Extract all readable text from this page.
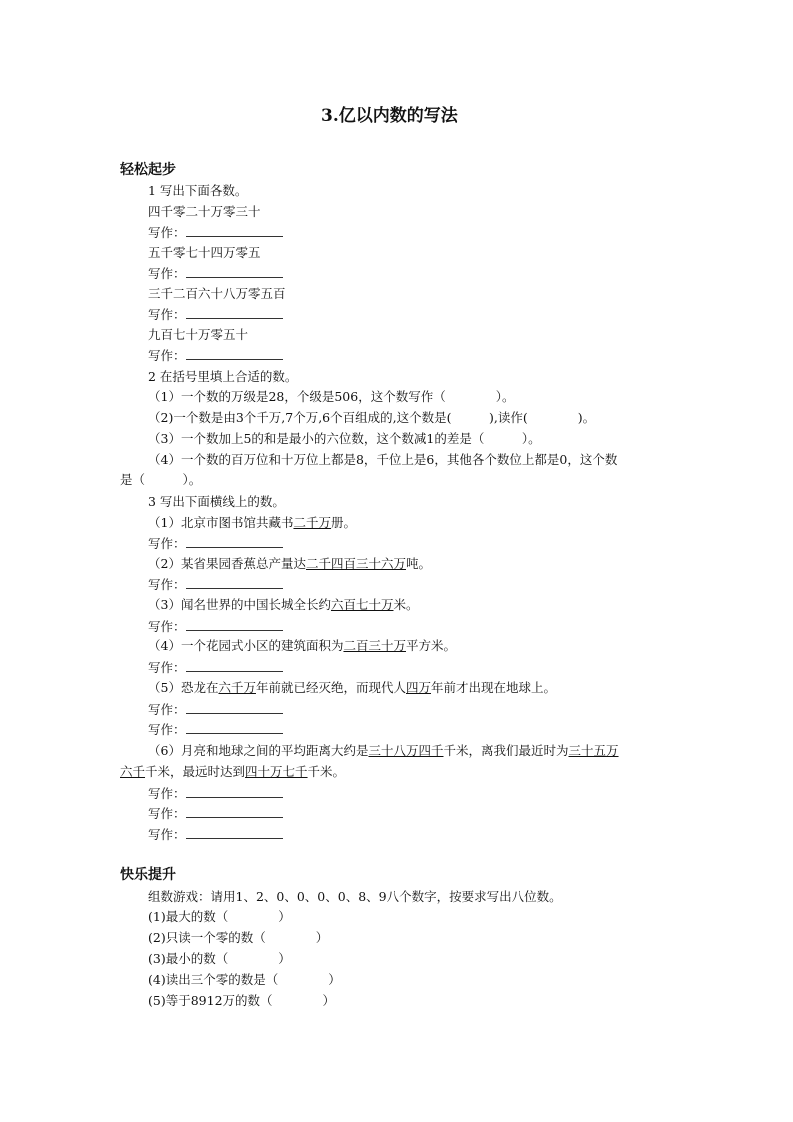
3.亿以内数的写法
轻松起步
1 写出下面各数。
四千零二十万零三十
写作：
五千零七十四万零五
写作：
三千二百六十八万零五百
写作：
九百七十万零五十
写作：
2 在括号里填上合适的数。
（1）一个数的万级是28，个级是506，这个数写作（　　　　）。
（2)一个数是由3个千万,7个万,6个百组成的,这个数是(　　　),读作(　　　　)。
（3）一个数加上5的和是最小的六位数，这个数减1的差是（　　　）。
（4）一个数的百万位和十万位上都是8，千位上是6，其他各个数位上都是0，这个数
是（　　　）。
3 写出下面横线上的数。
（1）北京市图书馆共藏书二千万册。
写作：
（2）某省果园香蕉总产量达二千四百三十六万吨。
写作：
（3）闻名世界的中国长城全长约六百七十万米。
写作：
（4）一个花园式小区的建筑面积为二百三十万平方米。
写作：
（5）恐龙在六千万年前就已经灭绝，而现代人四万年前才出现在地球上。
写作：
写作：
（6）月亮和地球之间的平均距离大约是三十八万四千千米，离我们最近时为三十五万
六千千米，最远时达到四十万七千千米。
写作：
写作：
写作：
快乐提升
组数游戏：请用1、2、0、0、0、0、8、9八个数字，按要求写出八位数。
(1)最大的数（　　　　）
(2)只读一个零的数（　　　　）
(3)最小的数（　　　　）
(4)读出三个零的数是（　　　　）
(5)等于8912万的数（　　　　）
